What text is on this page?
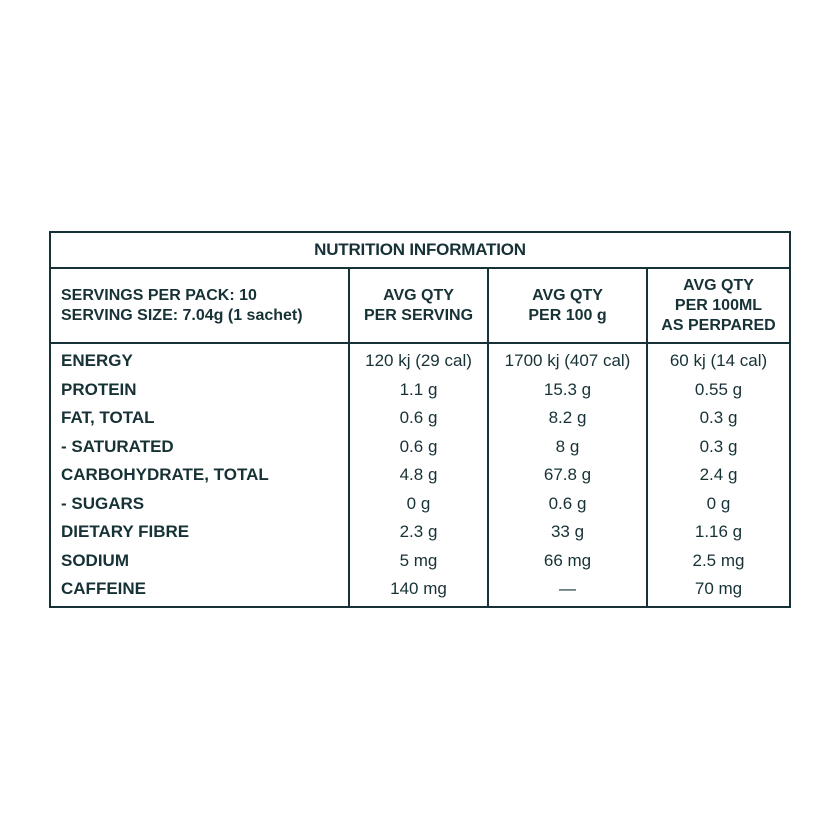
NUTRITION INFORMATION
SERVINGS PER PACK: 10
SERVING SIZE: 7.04g (1 sachet)
AVG QTY
PER SERVING
AVG QTY
PER 100 g
AVG QTY
PER 100ML
AS PERPARED
ENERGY
PROTEIN
FAT, TOTAL
- SATURATED
CARBOHYDRATE, TOTAL
- SUGARS
DIETARY FIBRE
SODIUM
CAFFEINE
120 kj (29 cal)
1.1 g
0.6 g
0.6 g
4.8 g
0 g
2.3 g
5 mg
140 mg
1700 kj (407 cal)
15.3 g
8.2 g
8 g
67.8 g
0.6 g
33 g
66 mg
—
60 kj (14 cal)
0.55 g
0.3 g
0.3 g
2.4 g
0 g
1.16 g
2.5 mg
70 mg
